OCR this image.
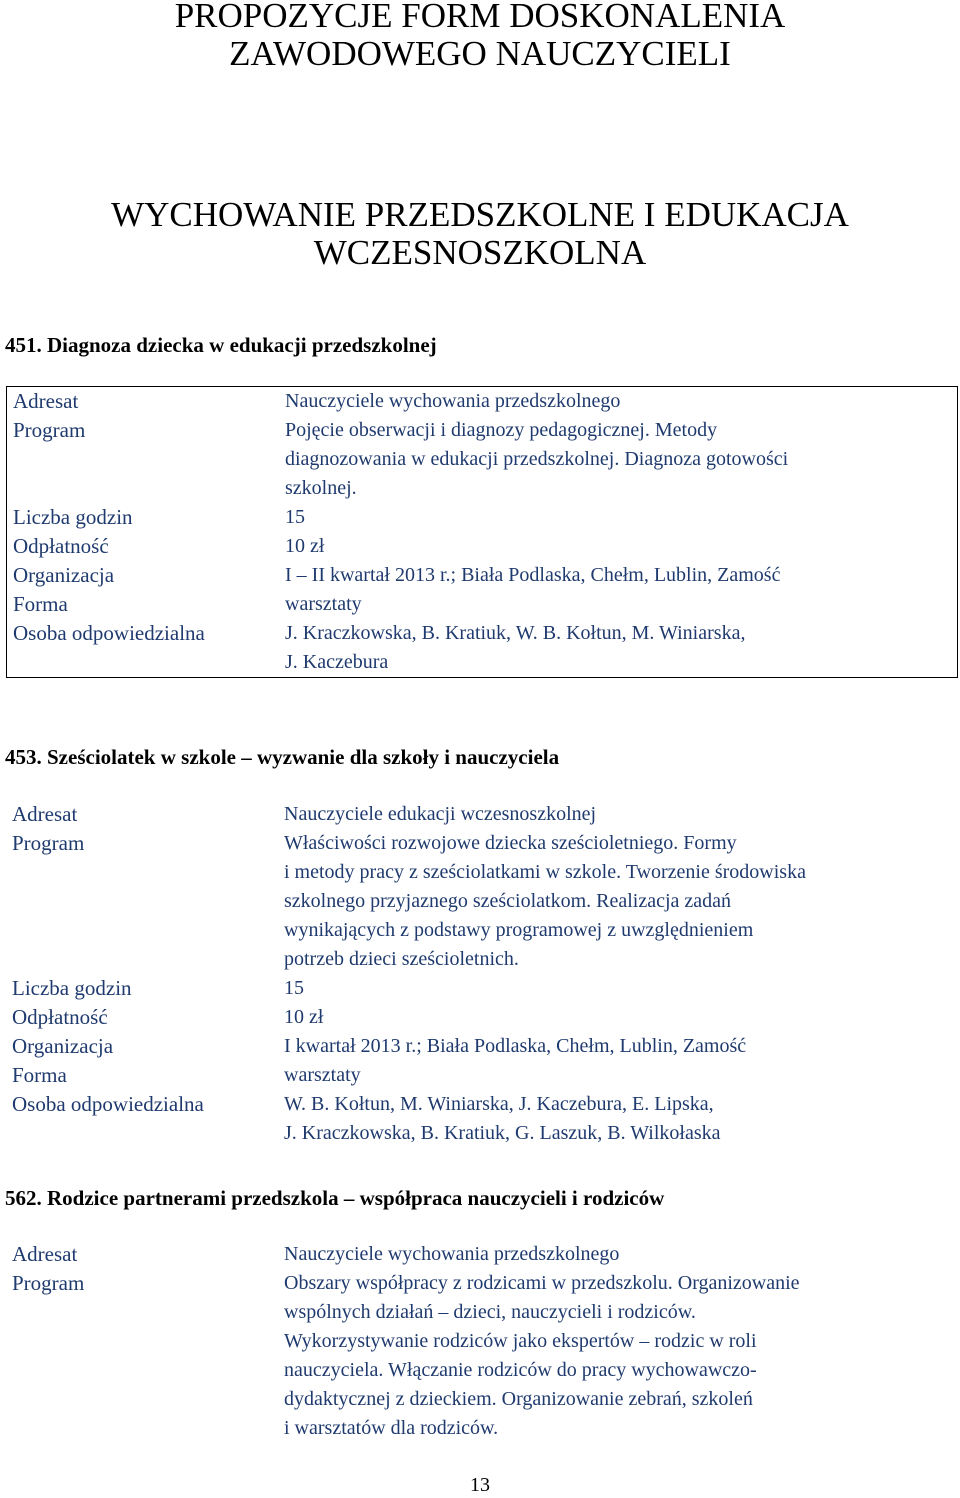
PROPOZYCJE FORM DOSKONALENIA
ZAWODOWEGO NAUCZYCIELI
WYCHOWANIE PRZEDSZKOLNE I EDUKACJA
WCZESNOSZKOLNA
451. Diagnoza dziecka w edukacji przedszkolnej
Adresat	Nauczyciele wychowania przedszkolnego
Program	Pojęcie obserwacji i diagnozy pedagogicznej. Metody
diagnozowania w edukacji przedszkolnej. Diagnoza gotowości
szkolnej.
Liczba godzin	15
Odpłatność	10 zł
Organizacja	I – II kwartał 2013 r.; Biała Podlaska, Chełm, Lublin, Zamość
Forma	warsztaty
Osoba odpowiedzialna	J. Kraczkowska, B. Kratiuk, W. B. Kołtun, M. Winiarska,
J. Kaczebura
453. Sześciolatek w szkole – wyzwanie dla szkoły i nauczyciela
Adresat	Nauczyciele edukacji wczesnoszkolnej
Program	Właściwości rozwojowe dziecka sześcioletniego. Formy
i metody pracy z sześciolatkami w szkole. Tworzenie środowiska
szkolnego przyjaznego sześciolatkom. Realizacja zadań
wynikających z podstawy programowej z uwzględnieniem
potrzeb dzieci sześcioletnich.
Liczba godzin	15
Odpłatność	10 zł
Organizacja	I kwartał 2013 r.; Biała Podlaska, Chełm, Lublin, Zamość
Forma	warsztaty
Osoba odpowiedzialna	W. B. Kołtun, M. Winiarska, J. Kaczebura, E. Lipska,
J. Kraczkowska, B. Kratiuk, G. Laszuk, B. Wilkołaska
562. Rodzice partnerami przedszkola – współpraca nauczycieli i rodziców
Adresat	Nauczyciele wychowania przedszkolnego
Program	Obszary współpracy z rodzicami w przedszkolu. Organizowanie
wspólnych działań – dzieci, nauczycieli i rodziców.
Wykorzystywanie rodziców jako ekspertów – rodzic w roli
nauczyciela. Włączanie rodziców do pracy wychowawczo-
dydaktycznej z dzieckiem. Organizowanie zebrań, szkoleń
i warsztatów dla rodziców.
13
